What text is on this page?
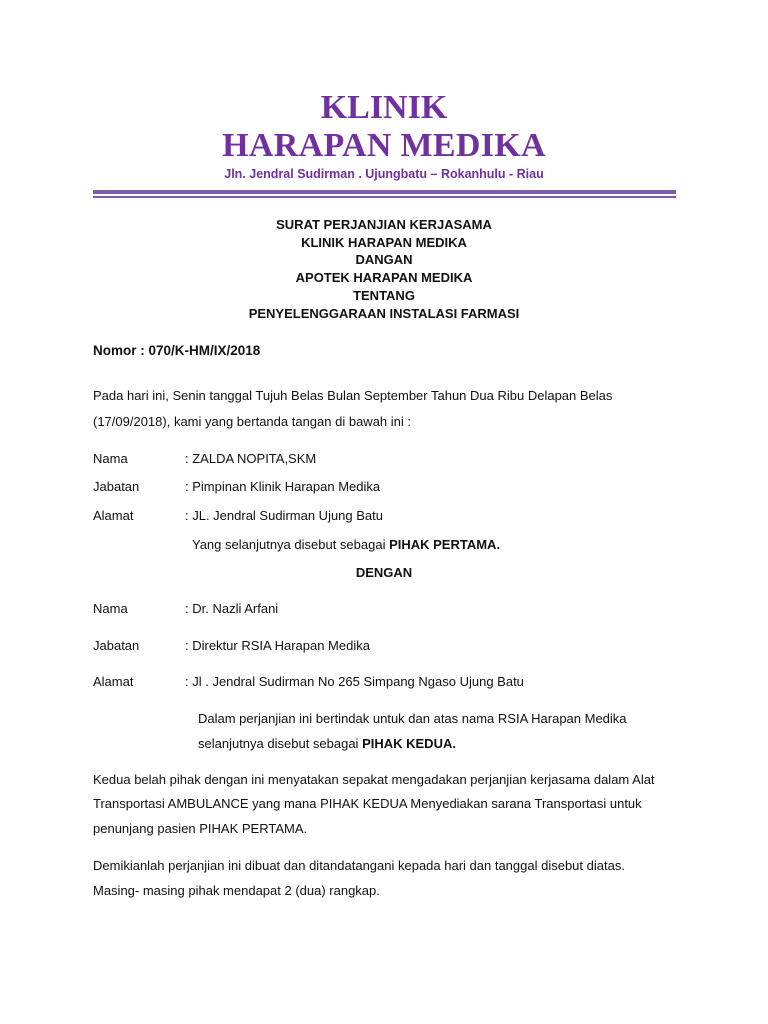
KLINIK
HARAPAN MEDIKA
Jln. Jendral Sudirman . Ujungbatu – Rokanhulu - Riau
SURAT PERJANJIAN KERJASAMA
KLINIK HARAPAN MEDIKA
DANGAN
APOTEK HARAPAN MEDIKA
TENTANG
PENYELENGGARAAN INSTALASI FARMASI
Nomor : 070/K-HM/IX/2018
Pada hari ini, Senin tanggal Tujuh Belas Bulan September Tahun Dua Ribu Delapan Belas
(17/09/2018), kami yang bertanda tangan di bawah ini :
Nama	: ZALDA NOPITA,SKM
Jabatan	: Pimpinan Klinik Harapan Medika
Alamat	: JL. Jendral Sudirman Ujung Batu
Yang selanjutnya disebut sebagai PIHAK PERTAMA.
DENGAN
Nama	: Dr. Nazli Arfani
Jabatan	: Direktur RSIA Harapan Medika
Alamat	: Jl . Jendral Sudirman No 265 Simpang Ngaso Ujung Batu
Dalam perjanjian ini bertindak untuk dan atas nama RSIA Harapan Medika
selanjutnya disebut sebagai PIHAK KEDUA.
Kedua belah pihak dengan ini menyatakan sepakat mengadakan perjanjian kerjasama dalam Alat
Transportasi AMBULANCE yang mana PIHAK KEDUA Menyediakan sarana Transportasi untuk
penunjang pasien PIHAK PERTAMA.
Demikianlah perjanjian ini dibuat dan ditandatangani kepada hari dan tanggal disebut diatas.
Masing- masing pihak mendapat 2 (dua) rangkap.
